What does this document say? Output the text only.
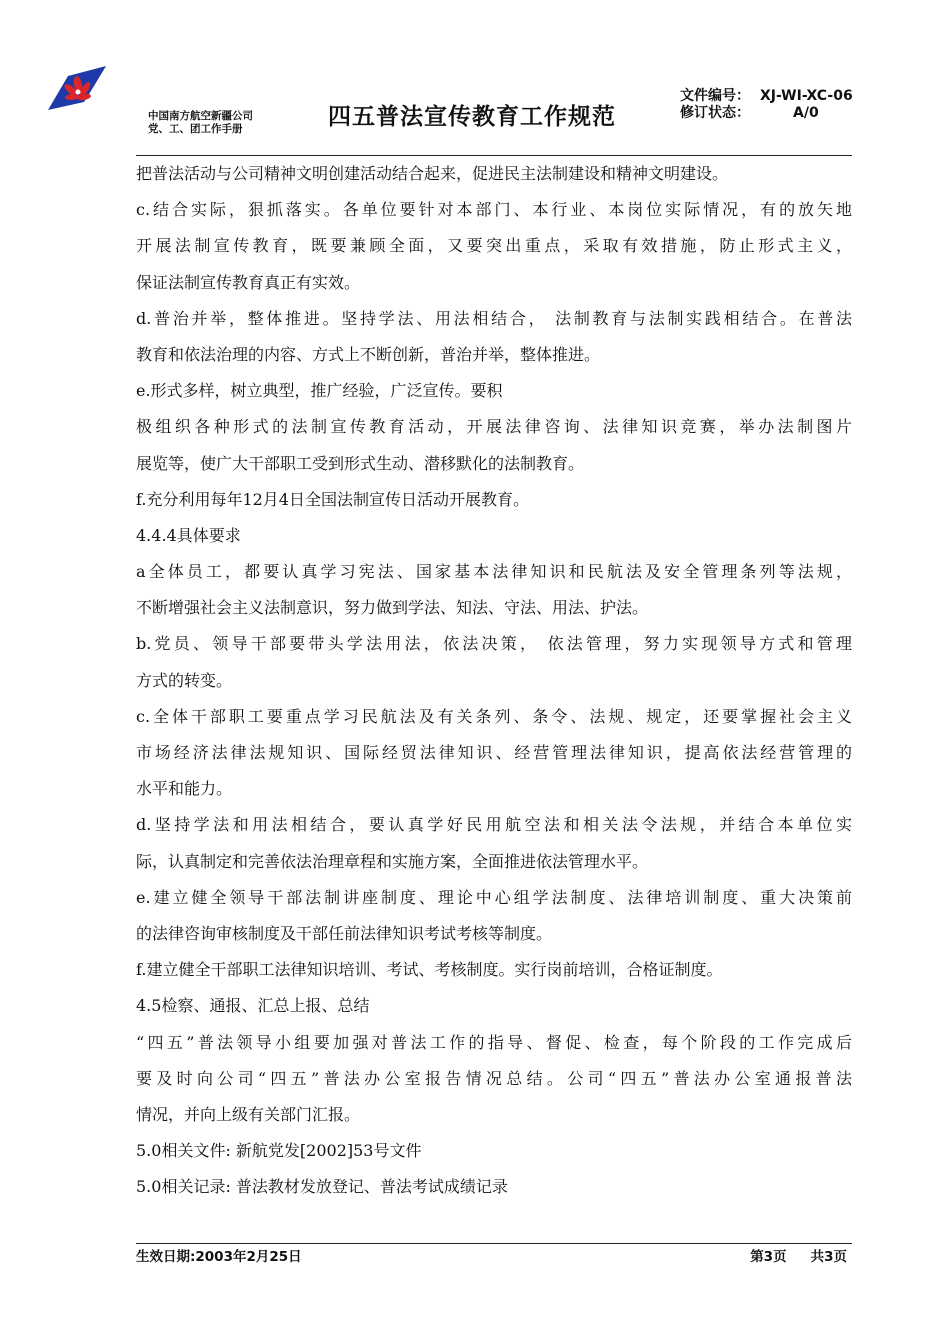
中国南方航空新疆公司
党、工、团工作手册	四五普法宣传教育工作规范
文件编号： XJ-WI-XC-06
修订状态：	A/0
把普法活动与公司精神文明创建活动结合起来，促进民主法制建设和精神文明建设。
c.结合实际，狠抓落实。各单位要针对本部门、本行业、本岗位实际情况，有的放矢地
开展法制宣传教育，既要兼顾全面，又要突出重点，采取有效措施，防止形式主义，
保证法制宣传教育真正有实效。
d.普治并举，整体推进。坚持学法、用法相结合， 法制教育与法制实践相结合。在普法
教育和依法治理的内容、方式上不断创新，普治并举，整体推进。
e.形式多样，树立典型，推广经验，广泛宣传。要积
极组织各种形式的法制宣传教育活动，开展法律咨询、法律知识竞赛，举办法制图片
展览等，使广大干部职工受到形式生动、潜移默化的法制教育。
f.充分利用每年12月4日全国法制宣传日活动开展教育。
4.4.4具体要求
a全体员工，都要认真学习宪法、国家基本法律知识和民航法及安全管理条列等法规，
不断增强社会主义法制意识，努力做到学法、知法、守法、用法、护法。
b.党员、领导干部要带头学法用法，依法决策， 依法管理，努力实现领导方式和管理
方式的转变。
c.全体干部职工要重点学习民航法及有关条列、条令、法规、规定，还要掌握社会主义
市场经济法律法规知识、国际经贸法律知识、经营管理法律知识，提高依法经营管理的
水平和能力。
d.坚持学法和用法相结合，要认真学好民用航空法和相关法令法规，并结合本单位实
际，认真制定和完善依法治理章程和实施方案，全面推进依法管理水平。
e.建立健全领导干部法制讲座制度、理论中心组学法制度、法律培训制度、重大决策前
的法律咨询审核制度及干部任前法律知识考试考核等制度。
f.建立健全干部职工法律知识培训、考试、考核制度。实行岗前培训，合格证制度。
4.5检察、通报、汇总上报、总结
“四五”普法领导小组要加强对普法工作的指导、督促、检查，每个阶段的工作完成后
要及时向公司“四五”普法办公室报告情况总结。公司“四五”普法办公室通报普法
情况，并向上级有关部门汇报。
5.0相关文件: 新航党发[2002]53号文件
5.0相关记录: 普法教材发放登记、普法考试成绩记录
生效日期:2003年2月25日	第3页 共3页
